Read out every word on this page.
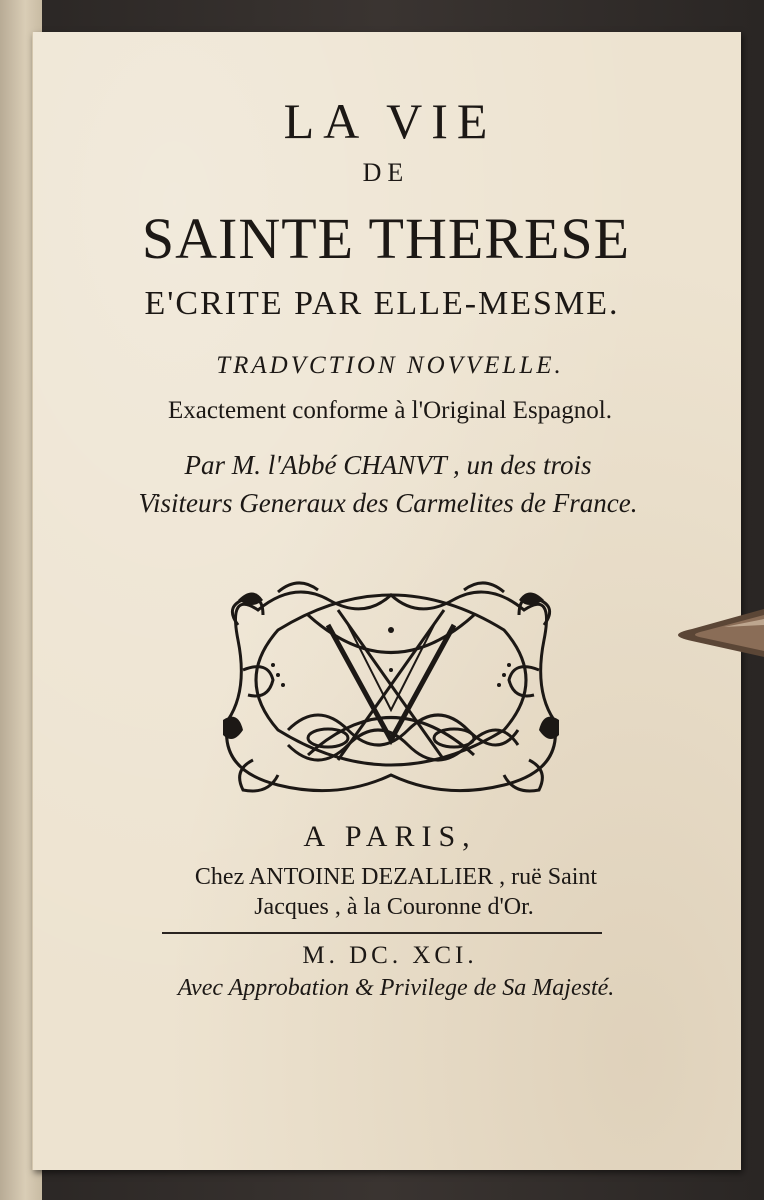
LA VIE
DE
SAINTE THERESE
E'CRITE PAR ELLE-MESME.
TRADVCTION NOVVELLE.
Exactement conforme à l'Original Espagnol.
Par M. l'Abbé CHANVT , un des trois
Visiteurs Generaux des Carmelites de France.
A PARIS,
Chez ANTOINE DEZALLIER , ruë Saint
Jacques , à la Couronne d'Or.
M. DC. XCI.
Avec Approbation & Privilege de Sa Majesté.
